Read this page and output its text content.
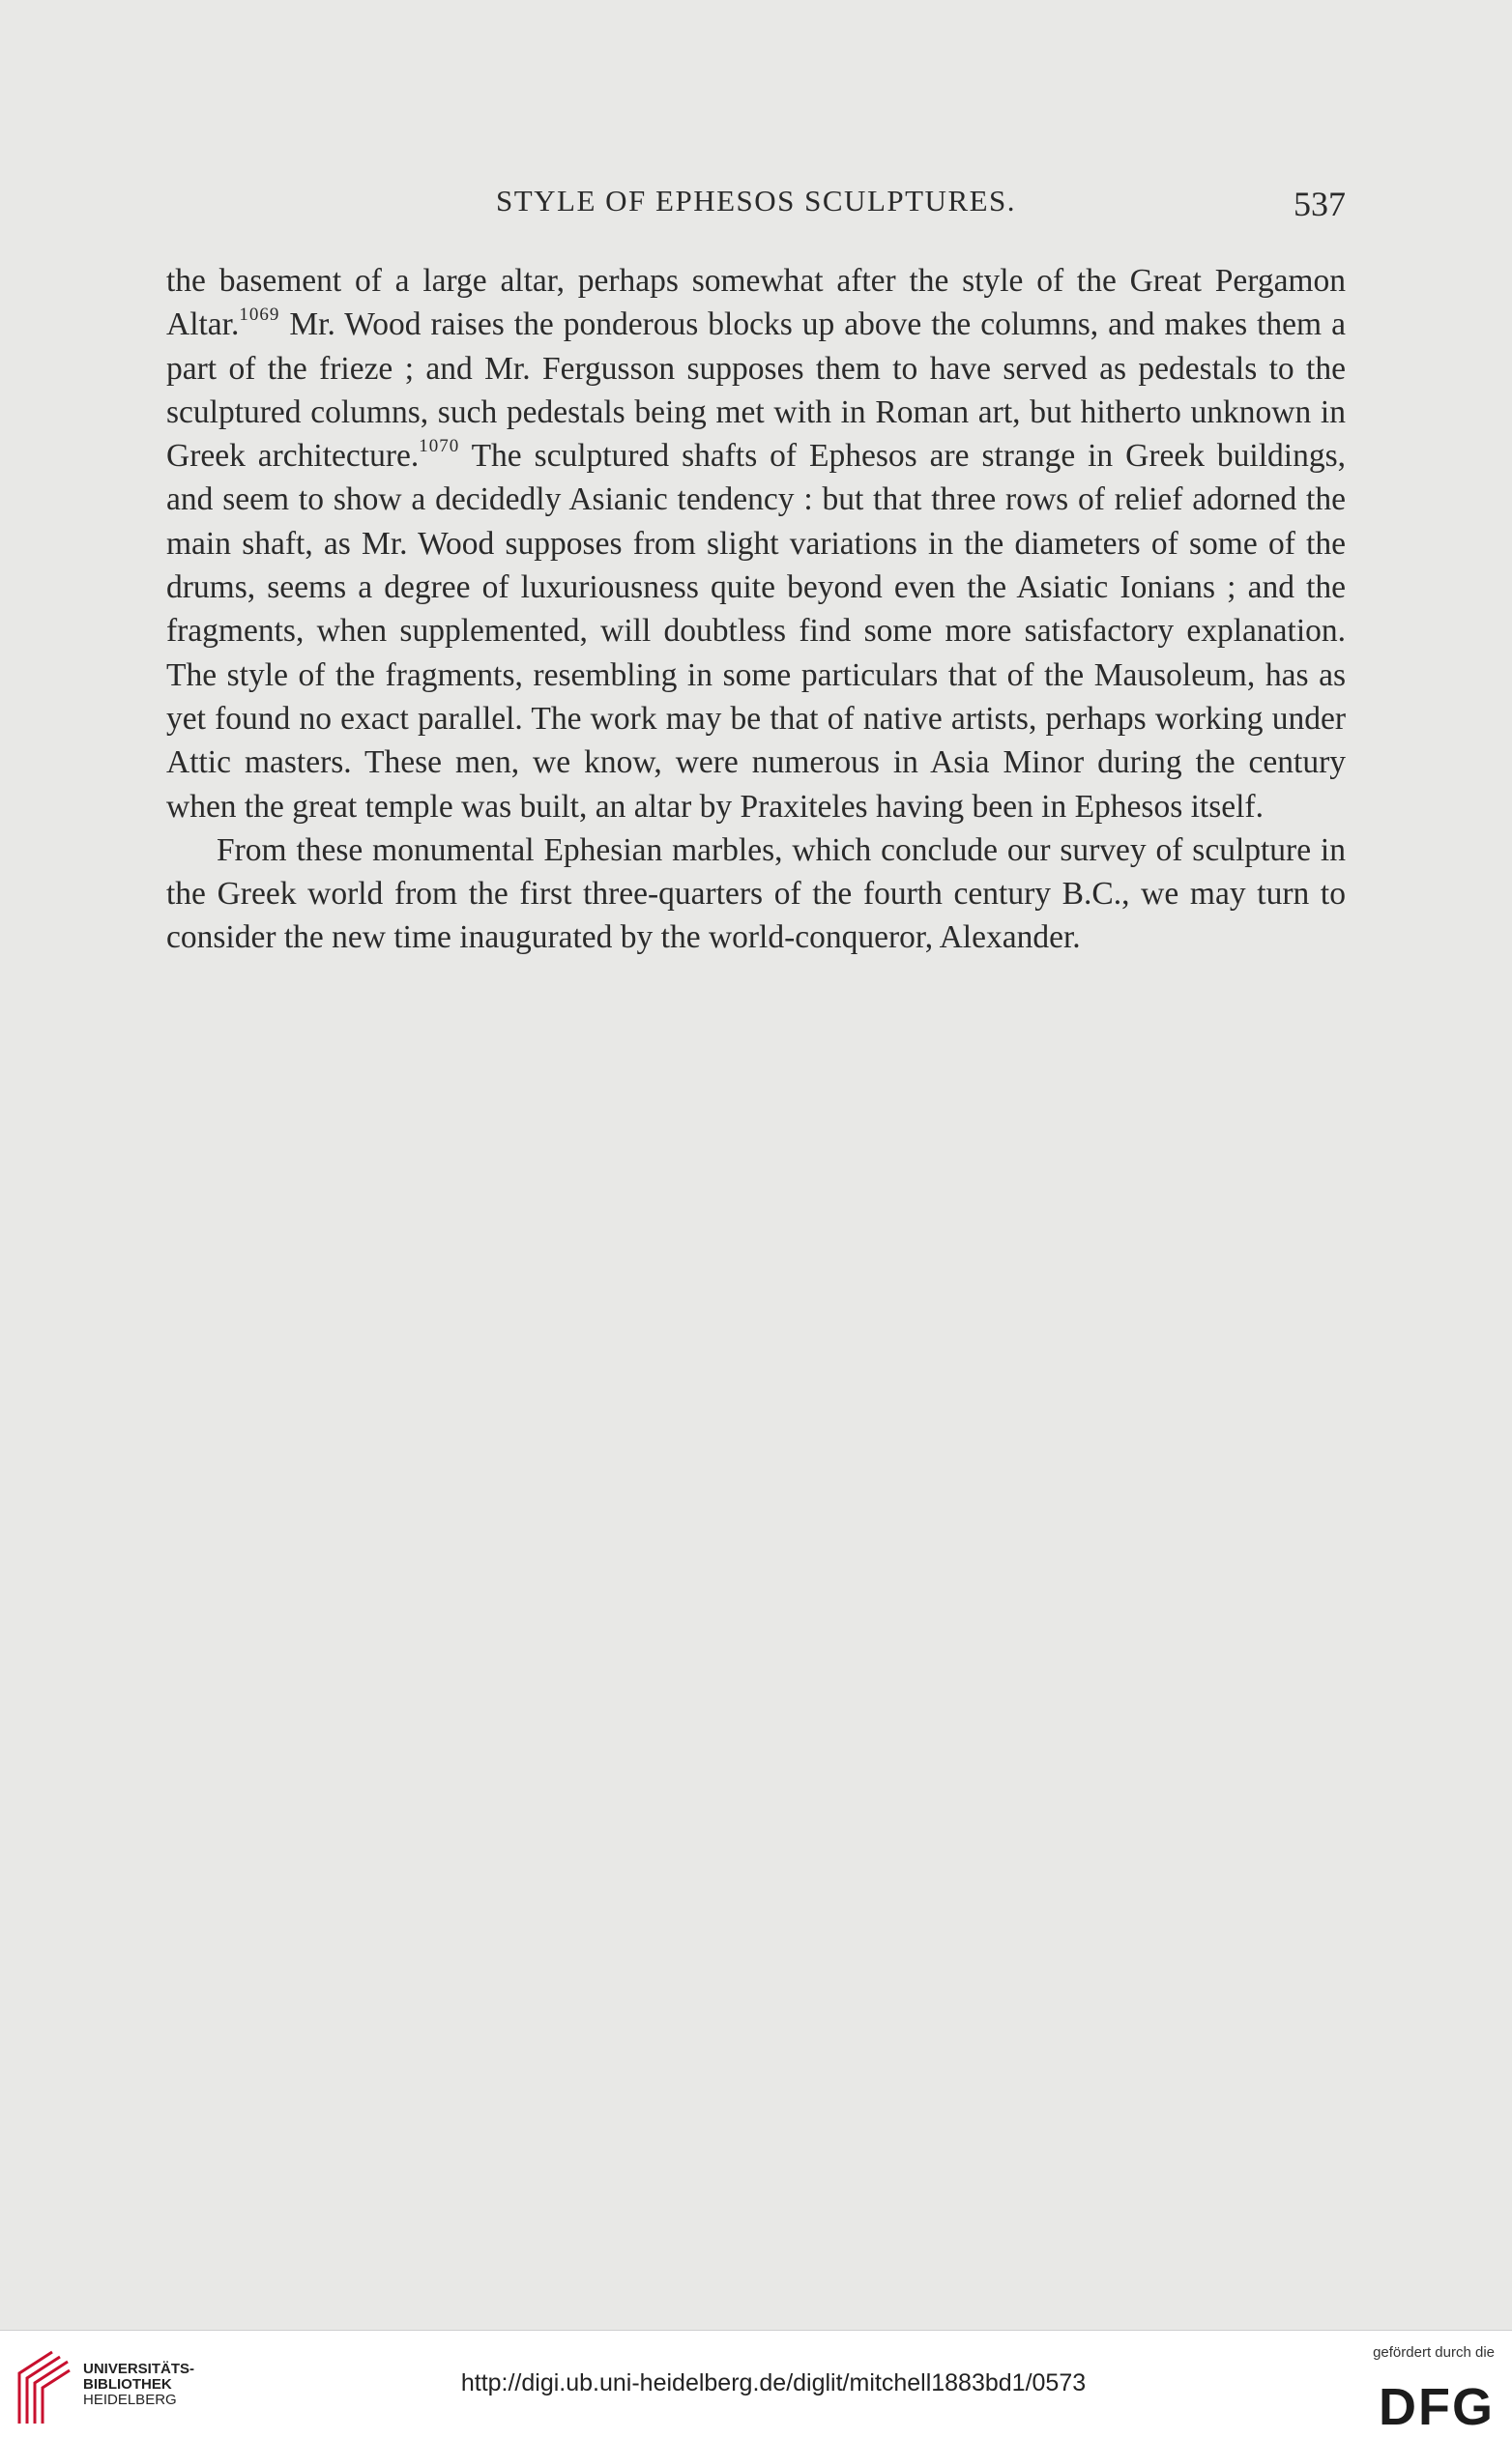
STYLE OF EPHESOS SCULPTURES.	537

the basement of a large altar, perhaps somewhat after the style of the Great Pergamon Altar.$^{1069}$ Mr. Wood raises the ponderous blocks up above the columns, and makes them a part of the frieze ; and Mr. Fergusson supposes them to have served as pedestals to the sculptured columns, such pedestals being met with in Roman art, but hitherto unknown in Greek architecture.$^{1070}$ The sculptured shafts of Ephesos are strange in Greek buildings, and seem to show a decidedly Asianic tendency : but that three rows of relief adorned the main shaft, as Mr. Wood supposes from slight variations in the diameters of some of the drums, seems a degree of luxuriousness quite beyond even the Asiatic Ionians ; and the fragments, when supplemented, will doubtless find some more satisfactory explanation. The style of the fragments, resembling in some particulars that of the Mausoleum, has as yet found no exact parallel. The work may be that of native artists, perhaps working under Attic masters. These men, we know, were numerous in Asia Minor during the century when the great temple was built, an altar by Praxiteles having been in Ephesos itself.

From these monumental Ephesian marbles, which conclude our survey of sculpture in the Greek world from the first three-quarters of the fourth century B.C., we may turn to consider the new time inaugurated by the world-conqueror, Alexander.

UNIVERSITÄTS-
BIBLIOTHEK
HEIDELBERG
http://digi.ub.uni-heidelberg.de/diglit/mitchell1883bd1/0573
gefördert durch die
DFG
